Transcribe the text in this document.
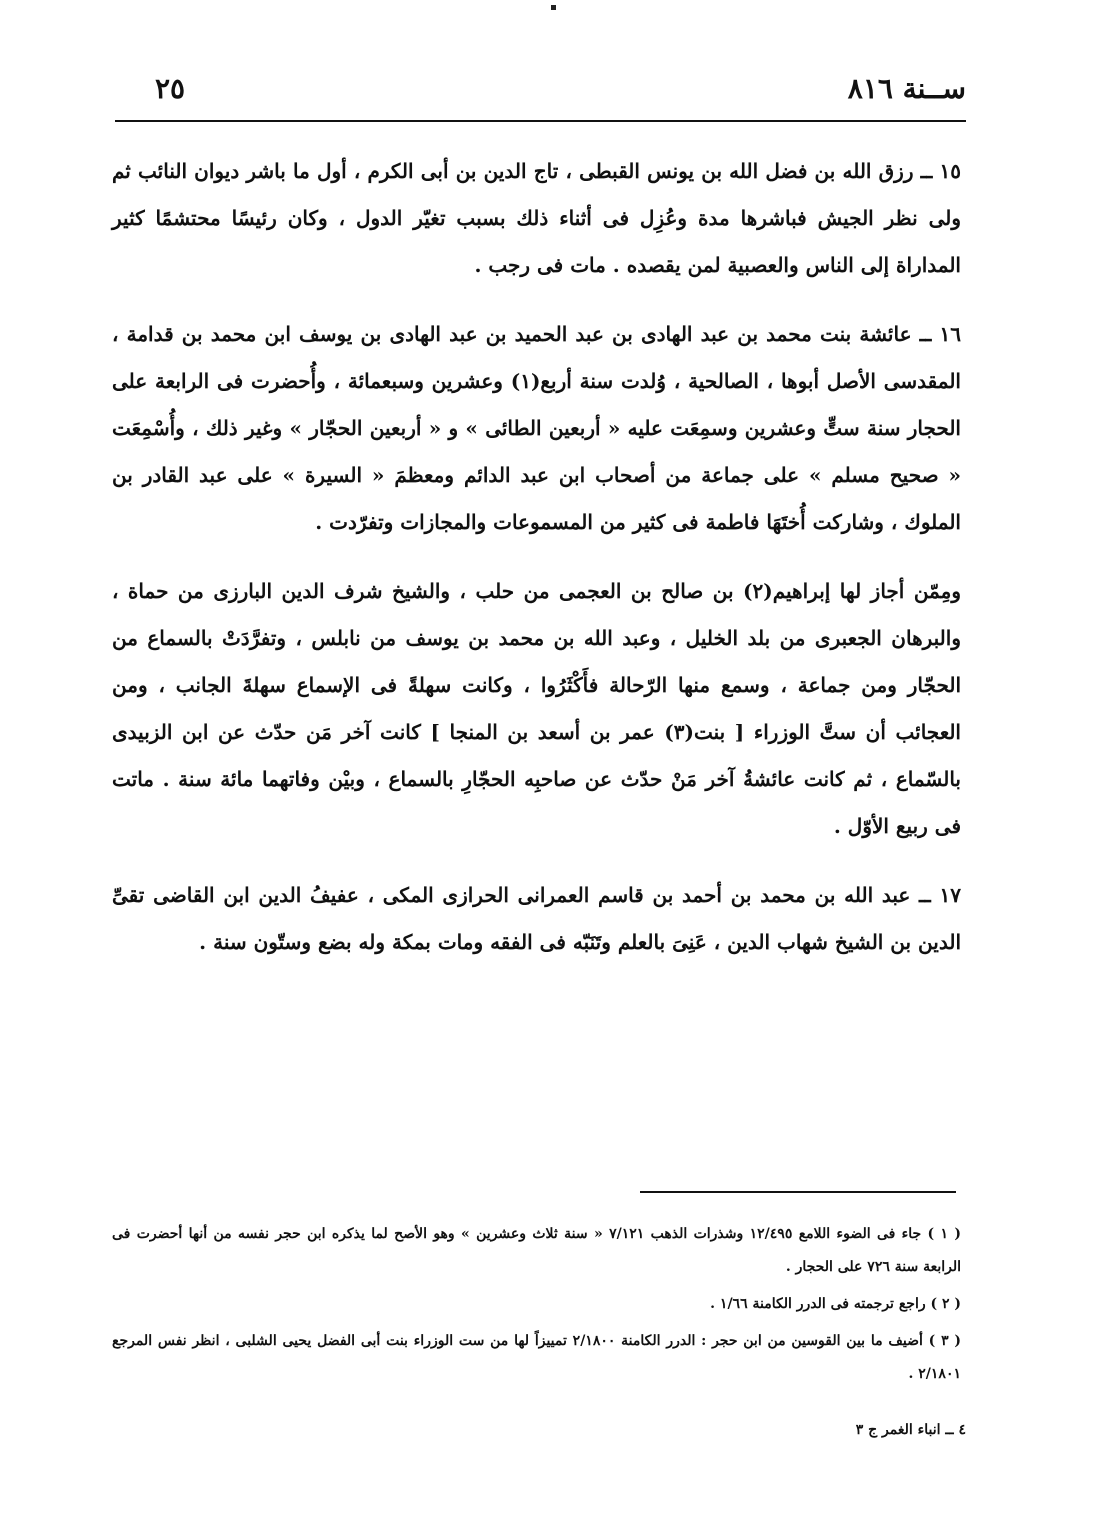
ســنة ٨١٦
٢٥

١٥ ــ رزق الله بن فضل الله بن يونس القبطى ، تاج الدين بن أبى الكرم ، أول ما باشر ديوان النائب ثم ولى نظر الجيش فباشرها مدة وعُزِل فى أثناء ذلك بسبب تغيّر الدول ، وكان رئيسًا محتشمًا كثير المداراة إلى الناس والعصبية لمن يقصده . مات فى رجب .

١٦ ــ عائشة بنت محمد بن عبد الهادى بن عبد الحميد بن عبد الهادى بن يوسف ابن محمد بن قدامة ، المقدسى الأصل أبوها ، الصالحية ، وُلدت سنة أربع(١) وعشرين وسبعمائة ، وأُحضرت فى الرابعة على الحجار سنة ستٍّ وعشرين وسمِعَت عليه « أربعين الطائى » و « أربعين الحجّار » وغير ذلك ، وأُسْمِعَت « صحيح مسلم » على جماعة من أصحاب ابن عبد الدائم ومعظمَ « السيرة » على عبد القادر بن الملوك ، وشاركت أُختَهَا فاطمة فى كثير من المسموعات والمجازات وتفرّدت .

ومِمّن أجاز لها إبراهيم(٢) بن صالح بن العجمى من حلب ، والشيخ شرف الدين البارزى من حماة ، والبرهان الجعبرى من بلد الخليل ، وعبد الله بن محمد بن يوسف من نابلس ، وتفرَّدَتْ بالسماع من الحجّار ومن جماعة ، وسمع منها الرّحالة فأَكْثَرُوا ، وكانت سهلةً فى الإسماع سهلةَ الجانب ، ومن العجائب أن ستَّ الوزراء [ بنت(٣) عمر بن أسعد بن المنجا ] كانت آخر مَن حدّث عن ابن الزبيدى بالسّماع ، ثم كانت عائشةُ آخر مَنْ حدّث عن صاحبِه الحجّارِ بالسماع ، وبيْن وفاتهما مائة سنة . ماتت فى ربيع الأوّل .

١٧ ــ عبد الله بن محمد بن أحمد بن قاسم العمرانى الحرازى المكى ، عفيفُ الدين ابن القاضى تقىِّ الدين بن الشيخ شهاب الدين ، عَنِىَ بالعلم وتَنَبّه فى الفقه ومات بمكة وله بضع وستّون سنة .

( ١ ) جاء فى الضوء اللامع ١٢/٤٩٥ وشذرات الذهب ٧/١٢١ « سنة ثلاث وعشرين » وهو الأصح لما يذكره ابن حجر نفسه من أنها أحضرت فى الرابعة سنة ٧٢٦ على الحجار .

( ٢ ) راجع ترجمته فى الدرر الكامنة ١/٦٦ .

( ٣ ) أضيف ما بين القوسين من ابن حجر : الدرر الكامنة ٢/١٨٠٠ تمييزاً لها من ست الوزراء بنت أبى الفضل يحيى الشلبى ، انظر نفس المرجع ٢/١٨٠١ .

٤ ــ انباء الغمر ج ٣
